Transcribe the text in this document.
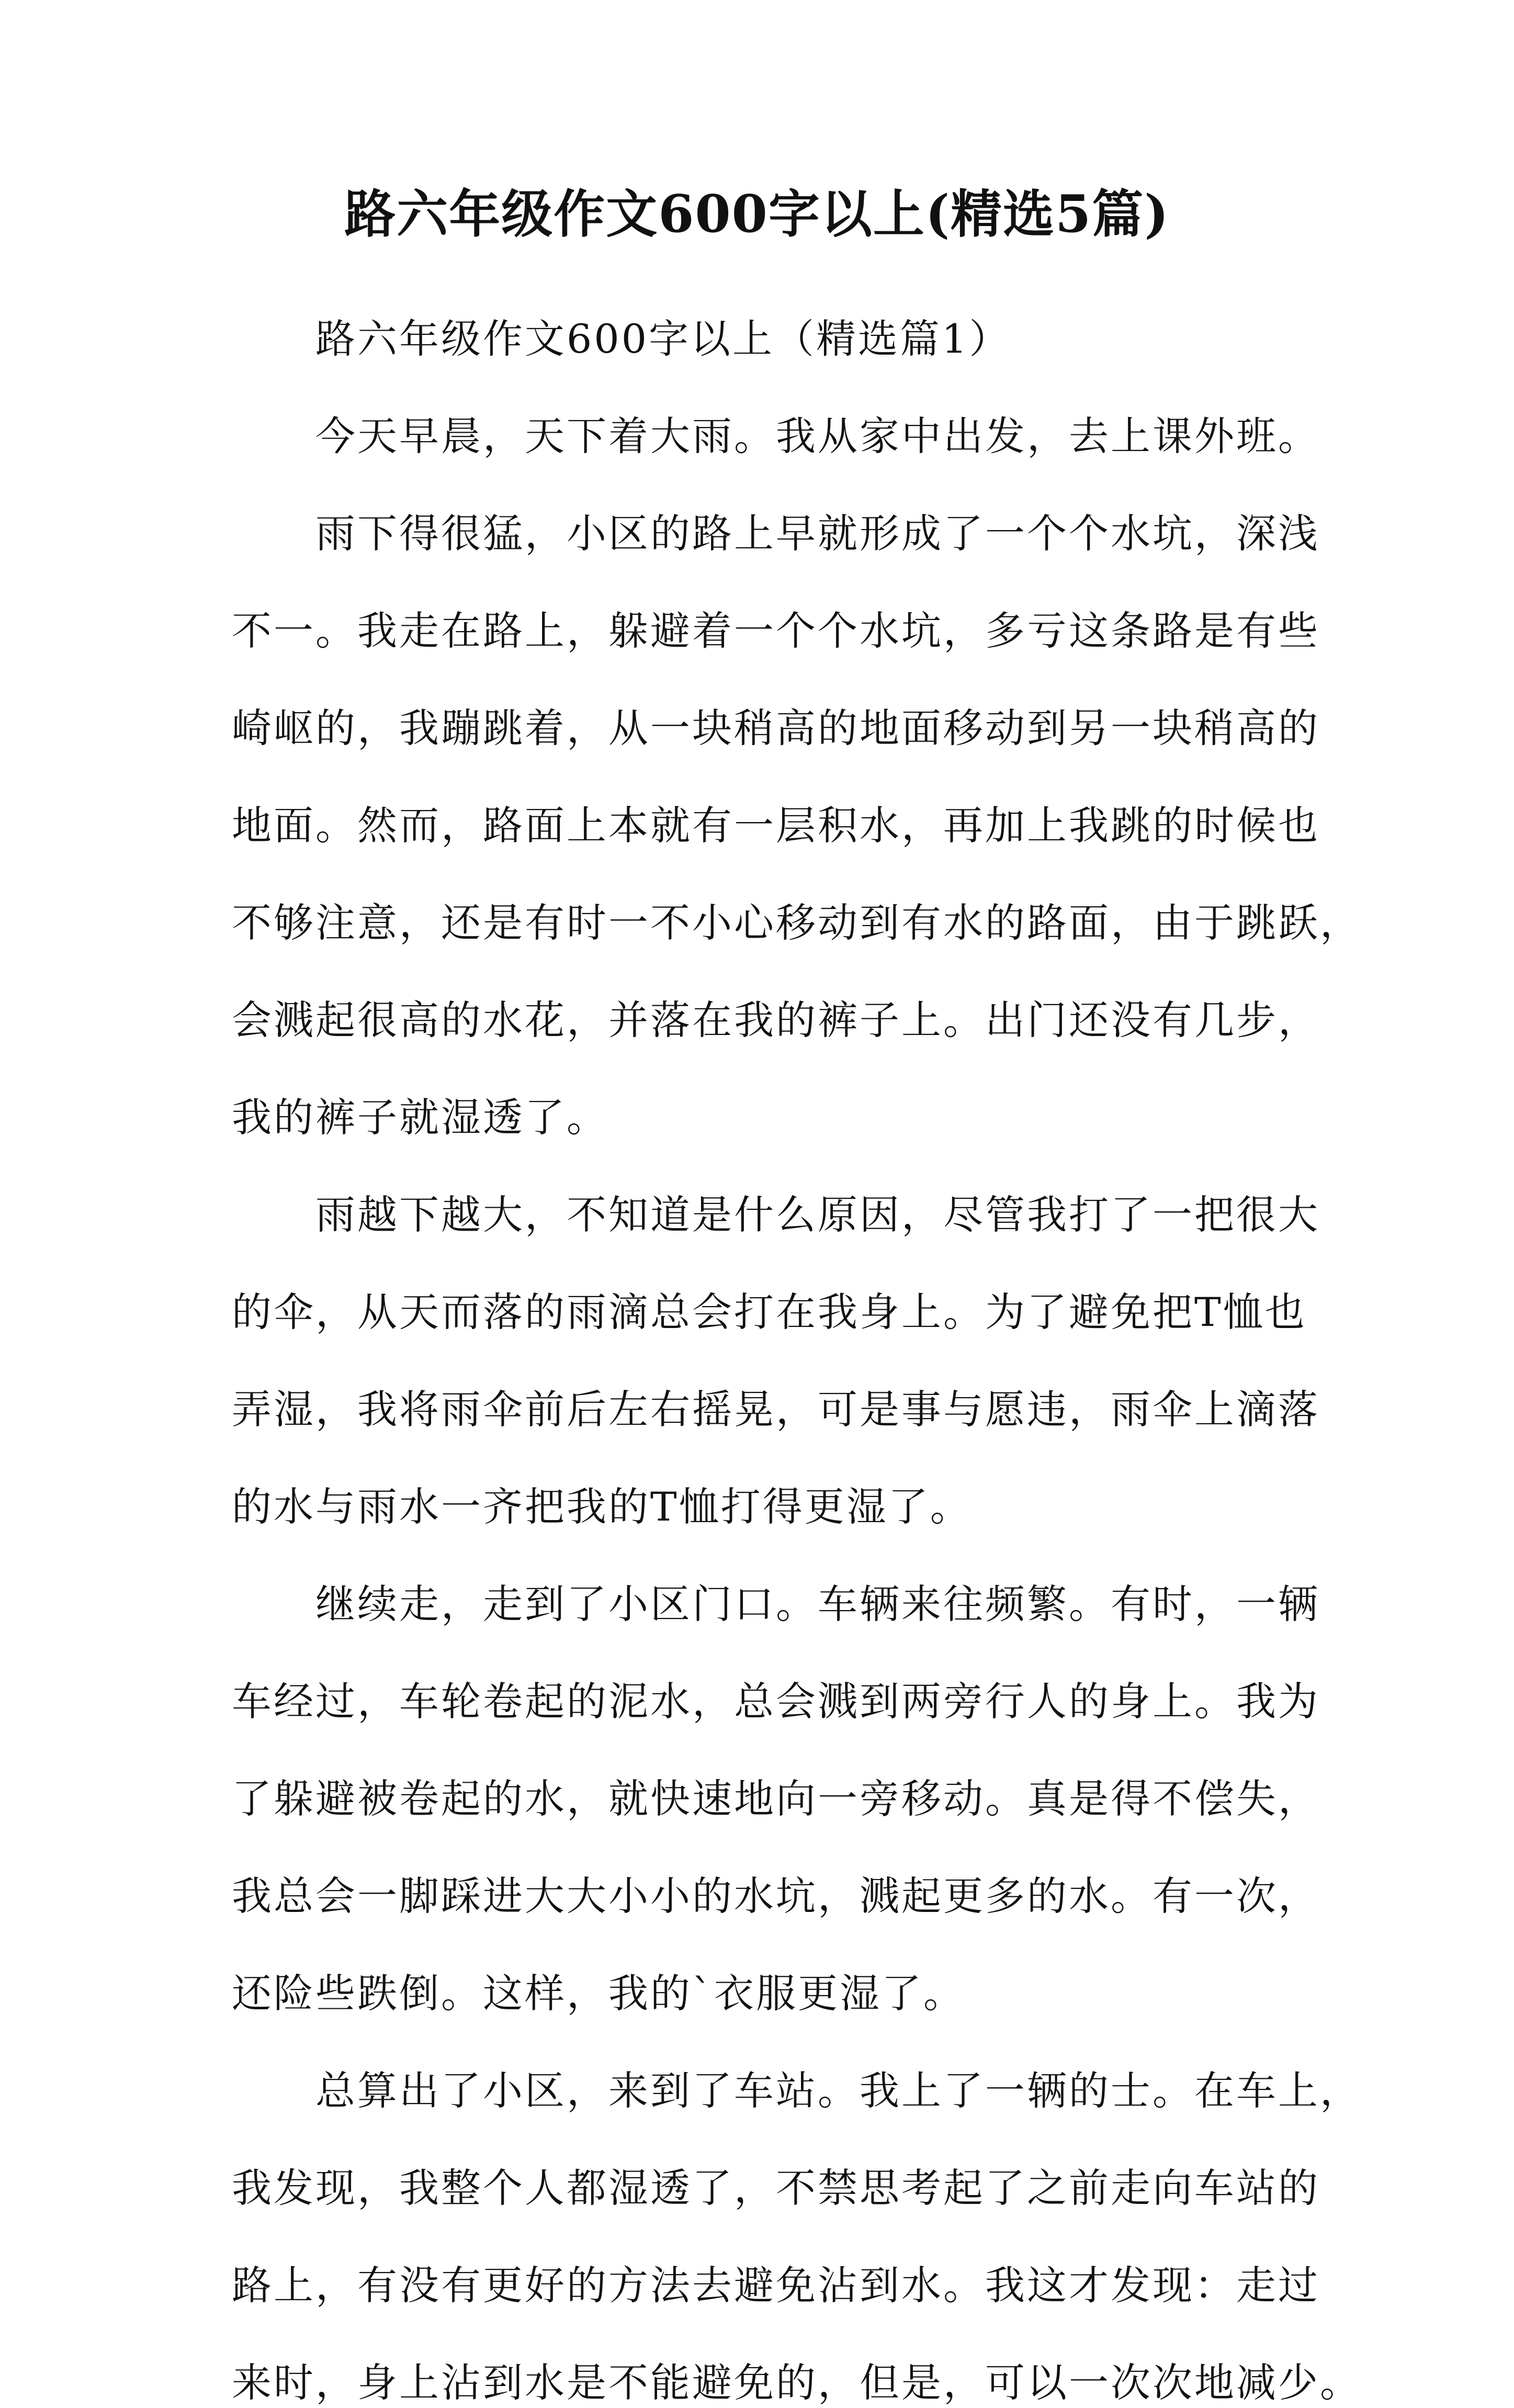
路六年级作文600字以上(精选5篇)

路六年级作文600字以上（精选篇1）

今天早晨，天下着大雨。我从家中出发，去上课外班。
雨下得很猛，小区的路上早就形成了一个个水坑，深浅
不一。我走在路上，躲避着一个个水坑，多亏这条路是有些
崎岖的，我蹦跳着，从一块稍高的地面移动到另一块稍高的
地面。然而，路面上本就有一层积水，再加上我跳的时候也
不够注意，还是有时一不小心移动到有水的路面，由于跳跃，
会溅起很高的水花，并落在我的裤子上。出门还没有几步，
我的裤子就湿透了。
雨越下越大，不知道是什么原因，尽管我打了一把很大
的伞，从天而落的雨滴总会打在我身上。为了避免把T恤也
弄湿，我将雨伞前后左右摇晃，可是事与愿违，雨伞上滴落
的水与雨水一齐把我的T恤打得更湿了。
继续走，走到了小区门口。车辆来往频繁。有时，一辆
车经过，车轮卷起的泥水，总会溅到两旁行人的身上。我为
了躲避被卷起的水，就快速地向一旁移动。真是得不偿失，
我总会一脚踩进大大小小的水坑，溅起更多的水。有一次，
还险些跌倒。这样，我的`衣服更湿了。
总算出了小区，来到了车站。我上了一辆的士。在车上，
我发现，我整个人都湿透了，不禁思考起了之前走向车站的
路上，有没有更好的方法去避免沾到水。我这才发现：走过
来时，身上沾到水是不能避免的，但是，可以一次次地减少。
